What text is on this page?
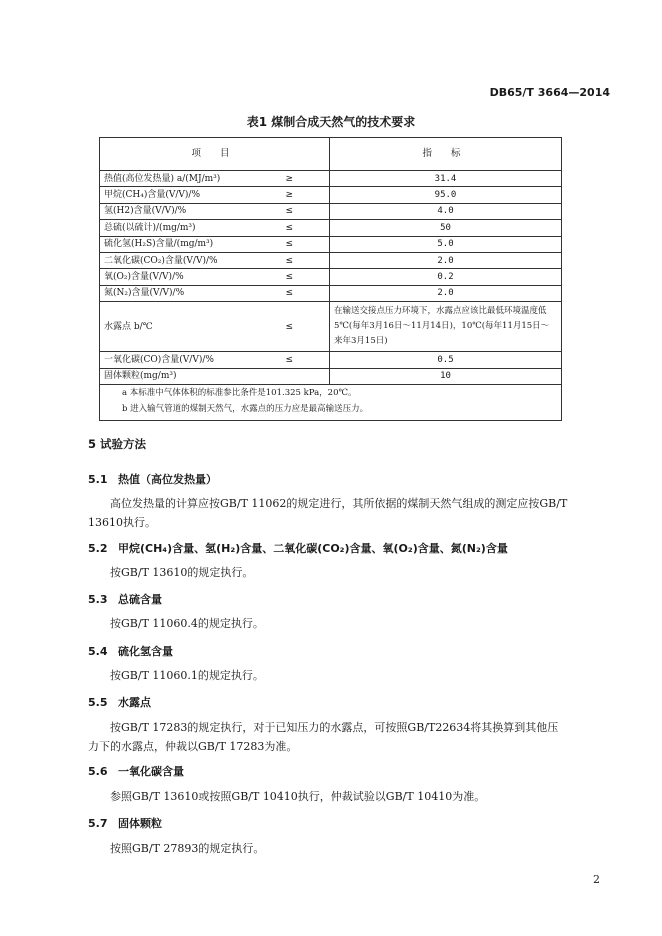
DB65/T 3664—2014
表1 煤制合成天然气的技术要求
项 目		指 标
热值(高位发热量) a/(MJ/m³)	≥	31.4
甲烷(CH₄)含量(V/V)/%	≥	95.0
氢(H2)含量(V/V)/%	≤	4.0
总硫(以硫计)/(mg/m³)	≤	50
硫化氢(H₂S)含量/(mg/m³)	≤	5.0
二氧化碳(CO₂)含量(V/V)/%	≤	2.0
氧(O₂)含量(V/V)/%	≤	0.2
氮(N₂)含量(V/V)/%	≤	2.0
水露点 b/℃	≤	在输送交接点压力环境下，水露点应该比最低环境温度低5℃(每年3月16日～11月14日)，10℃(每年11月15日～来年3月15日)
一氧化碳(CO)含量(V/V)/%	≤	0.5
固体颗粒(mg/m³)		10
a 本标准中气体体积的标准参比条件是101.325 kPa，20℃。		
b 进入输气管道的煤制天然气，水露点的压力应是最高输送压力。		
5 试验方法
5.1 热值（高位发热量）
高位发热量的计算应按GB/T 11062的规定进行，其所依据的煤制天然气组成的测定应按GB/T 13610执行。
5.2 甲烷(CH₄)含量、氢(H₂)含量、二氧化碳(CO₂)含量、氧(O₂)含量、氮(N₂)含量
按GB/T 13610的规定执行。
5.3 总硫含量
按GB/T 11060.4的规定执行。
5.4 硫化氢含量
按GB/T 11060.1的规定执行。
5.5 水露点
按GB/T 17283的规定执行，对于已知压力的水露点，可按照GB/T22634将其换算到其他压力下的水露点，仲裁以GB/T 17283为准。
5.6 一氧化碳含量
参照GB/T 13610或按照GB/T 10410执行，仲裁试验以GB/T 10410为准。
5.7 固体颗粒
按照GB/T 27893的规定执行。
2
